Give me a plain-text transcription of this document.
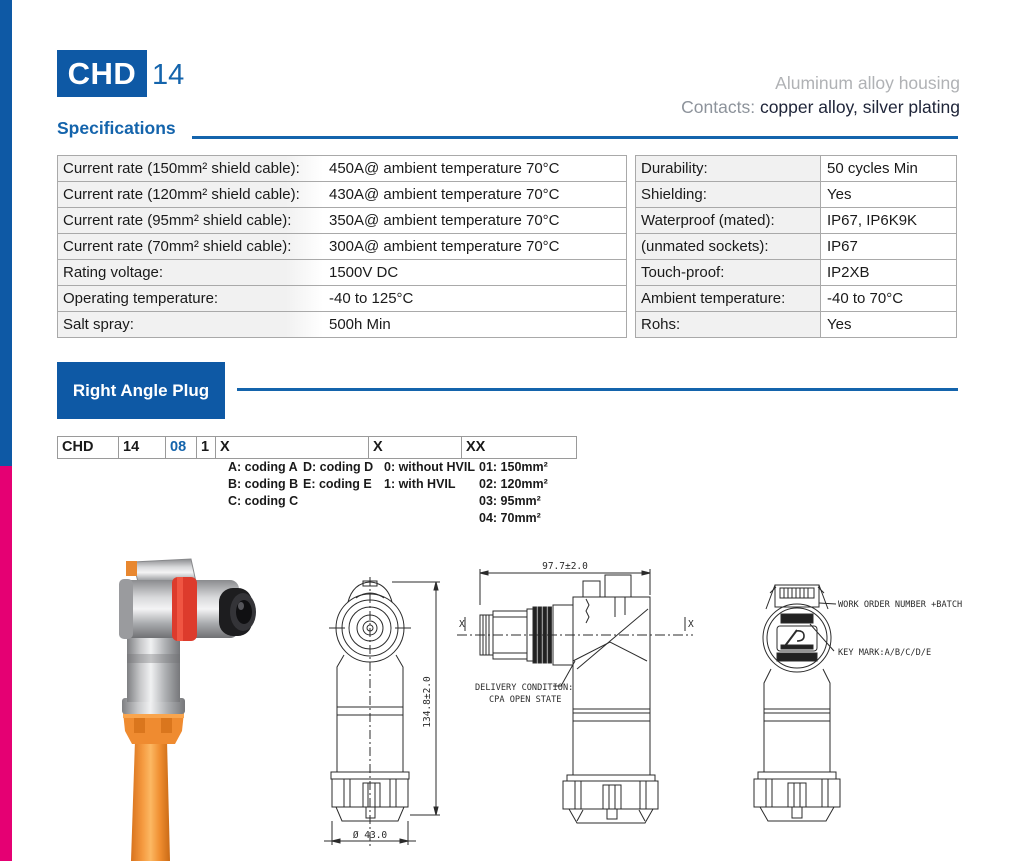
CHD 14	Aluminum alloy housing
Contacts: copper alloy, silver plating
Specifications
Current rate (150mm² shield cable):	450A@ ambient temperature 70°C
Current rate (120mm² shield cable):	430A@ ambient temperature 70°C
Current rate (95mm² shield cable):	350A@ ambient temperature 70°C
Current rate (70mm² shield cable):	300A@ ambient temperature 70°C
Rating voltage:	1500V DC
Operating temperature:	-40 to 125°C
Salt spray:	500h Min
Durability:	50 cycles Min
Shielding:	Yes
Waterproof (mated):	IP67, IP6K9K
(unmated sockets):	IP67
Touch-proof:	IP2XB
Ambient temperature:	-40 to 70°C
Rohs:	Yes
Right Angle Plug
CHD	14	08	1 X	X	XX
A: coding A
B: coding B
C: coding C
D: coding D
E: coding E
0: without HVIL
1: with HVIL
01: 150mm²
02: 120mm²
03: 95mm²
04: 70mm²
134.8±2.0
Ø 43.0
X	X
97.7±2.0
DELIVERY CONDITION:
CPA OPEN STATE
WORK ORDER NUMBER +BATCH
KEY MARK:A/B/C/D/E
